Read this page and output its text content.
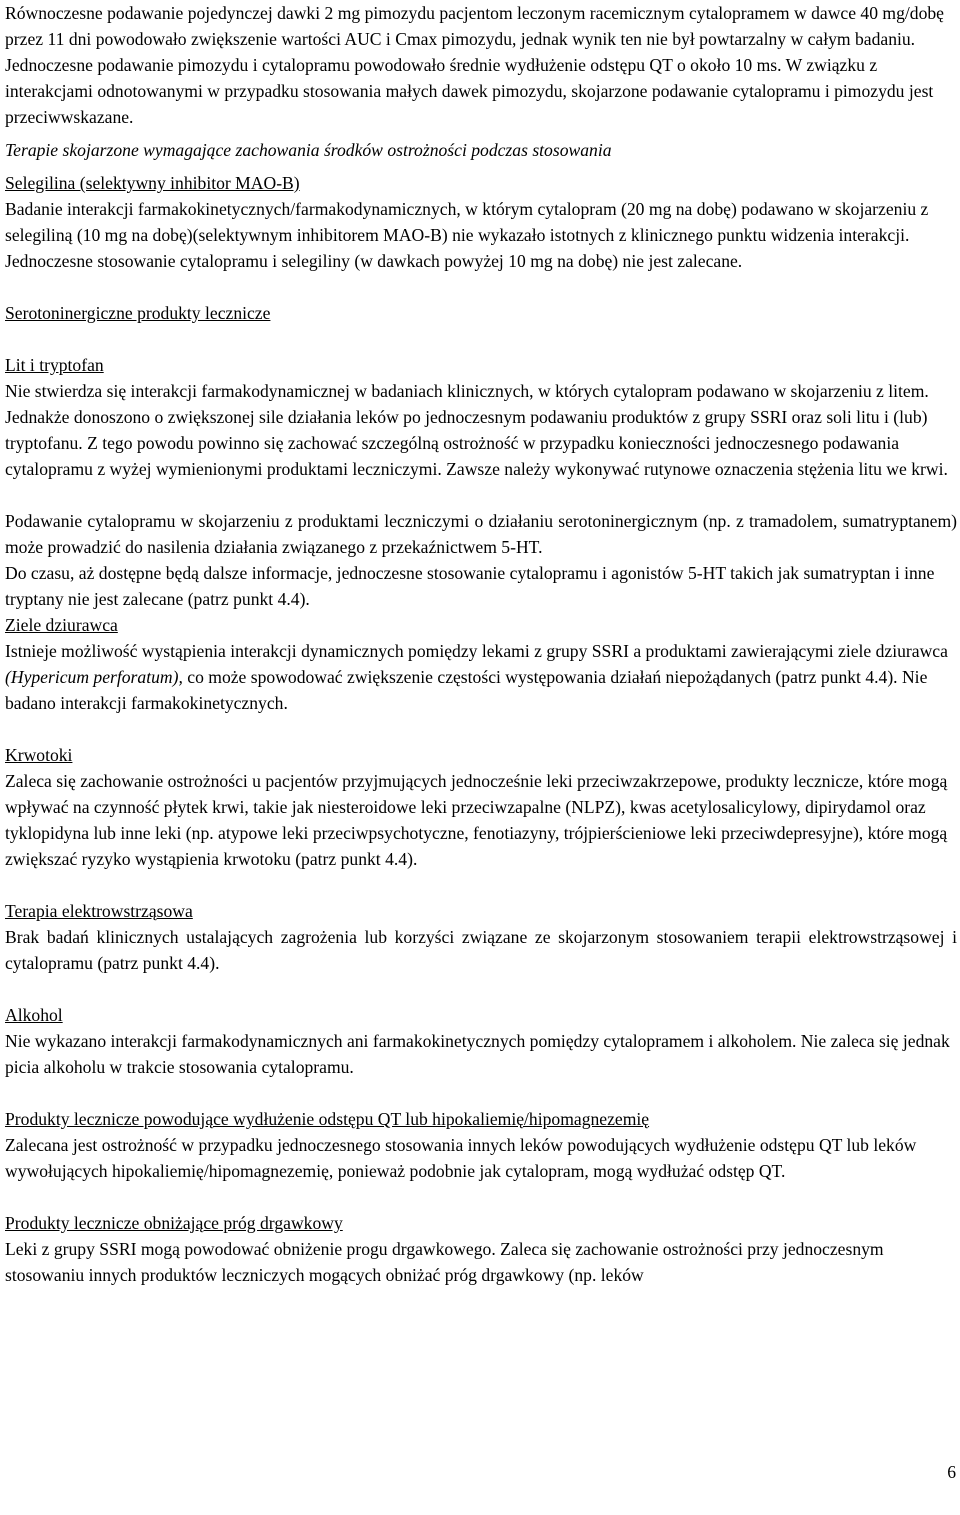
Równoczesne podawanie pojedynczej dawki 2 mg pimozydu pacjentom leczonym racemicznym cytalopramem w dawce 40 mg/dobę przez 11 dni powodowało zwiększenie wartości AUC i Cmax pimozydu, jednak wynik ten nie był powtarzalny w całym badaniu. Jednoczesne podawanie pimozydu i cytalopramu powodowało średnie wydłużenie odstępu QT o około 10 ms. W związku z interakcjami odnotowanymi w przypadku stosowania małych dawek pimozydu, skojarzone podawanie cytalopramu i pimozydu jest przeciwwskazane.

Terapie skojarzone wymagające zachowania środków ostrożności podczas stosowania

Selegilina (selektywny inhibitor MAO-B)

Badanie interakcji farmakokinetycznych/farmakodynamicznych, w którym cytalopram (20 mg na dobę) podawano w skojarzeniu z selegiliną (10 mg na dobę)(selektywnym inhibitorem MAO-B) nie wykazało istotnych z klinicznego punktu widzenia interakcji. Jednoczesne stosowanie cytalopramu i selegiliny (w dawkach powyżej 10 mg na dobę) nie jest zalecane.

Serotoninergiczne produkty lecznicze

Lit i tryptofan

Nie stwierdza się interakcji farmakodynamicznej w badaniach klinicznych, w których cytalopram podawano w skojarzeniu z litem. Jednakże donoszono o zwiększonej sile działania leków po jednoczesnym podawaniu produktów z grupy SSRI oraz soli litu i (lub) tryptofanu. Z tego powodu powinno się zachować szczególną ostrożność w przypadku konieczności jednoczesnego podawania cytalopramu z wyżej wymienionymi produktami leczniczymi. Zawsze należy wykonywać rutynowe oznaczenia stężenia litu we krwi.

Podawanie cytalopramu w skojarzeniu z produktami leczniczymi o działaniu serotoninergicznym (np. z tramadolem, sumatryptanem) może prowadzić do nasilenia działania związanego z przekaźnictwem 5-HT.

Do czasu, aż dostępne będą dalsze informacje, jednoczesne stosowanie cytalopramu i agonistów 5-HT takich jak sumatryptan i inne tryptany nie jest zalecane (patrz punkt 4.4).

Ziele dziurawca

Istnieje możliwość wystąpienia interakcji dynamicznych pomiędzy lekami z grupy SSRI a produktami zawierającymi ziele dziurawca (Hypericum perforatum), co może spowodować zwiększenie częstości występowania działań niepożądanych (patrz punkt 4.4). Nie badano interakcji farmakokinetycznych.

Krwotoki

Zaleca się zachowanie ostrożności u pacjentów przyjmujących jednocześnie leki przeciwzakrzepowe, produkty lecznicze, które mogą wpływać na czynność płytek krwi, takie jak niesteroidowe leki przeciwzapalne (NLPZ), kwas acetylosalicylowy, dipirydamol oraz tyklopidyna lub inne leki (np. atypowe leki przeciwpsychotyczne, fenotiazyny, trójpierścieniowe leki przeciwdepresyjne), które mogą zwiększać ryzyko wystąpienia krwotoku (patrz punkt 4.4).

Terapia elektrowstrząsowa

Brak badań klinicznych ustalających zagrożenia lub korzyści związane ze skojarzonym stosowaniem terapii elektrowstrząsowej i cytalopramu (patrz punkt 4.4).

Alkohol

Nie wykazano interakcji farmakodynamicznych ani farmakokinetycznych pomiędzy cytalopramem i alkoholem. Nie zaleca się jednak picia alkoholu w trakcie stosowania cytalopramu.

Produkty lecznicze powodujące wydłużenie odstępu QT lub hipokaliemię/hipomagnezemię

Zalecana jest ostrożność w przypadku jednoczesnego stosowania innych leków powodujących wydłużenie odstępu QT lub leków wywołujących hipokaliemię/hipomagnezemię, ponieważ podobnie jak cytalopram, mogą wydłużać odstęp QT.

Produkty lecznicze obniżające próg drgawkowy

Leki z grupy SSRI mogą powodować obniżenie progu drgawkowego. Zaleca się zachowanie ostrożności przy jednoczesnym stosowaniu innych produktów leczniczych mogących obniżać próg drgawkowy (np. leków

6
